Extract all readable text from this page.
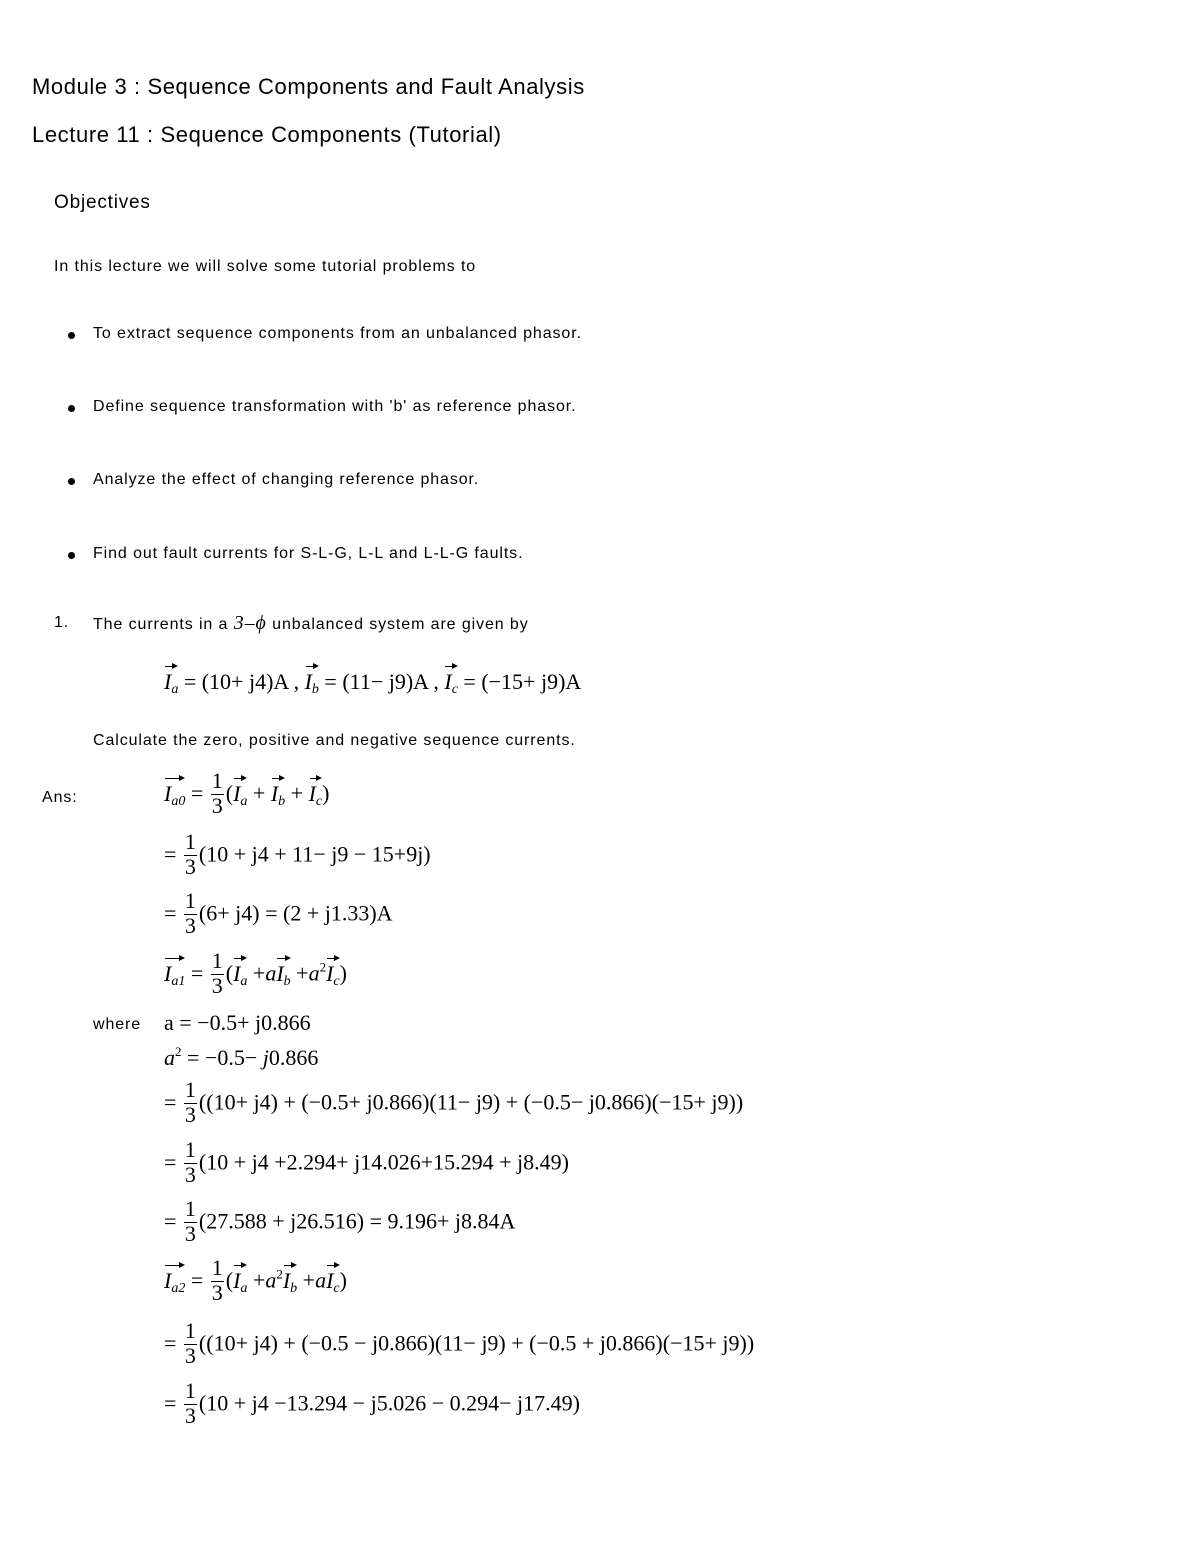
Module 3 : Sequence Components and Fault Analysis
Lecture 11 : Sequence Components (Tutorial)
Objectives
In this lecture we will solve some tutorial problems to
To extract sequence components from an unbalanced phasor.
Define sequence transformation with 'b' as reference phasor.
Analyze the effect of changing reference phasor.
Find out fault currents for S-L-G, L-L and L-L-G faults.
1. The currents in a 3–ϕ unbalanced system are given by
$I_a = (10+ j4)A$ , $I_b = (11- j9)A$ , $I_c = (-15+ j9)A$
Calculate the zero, positive and negative sequence currents.
Ans:	$I_{a0} = \frac{1}{3}$ (
$I_a$ +
$I_b$ +
$I_c$)
= $\frac{1}{3} (10 + j4 + 11- j9 - 15+9j)$
= $\frac{1}{3} (6+ j4) = (2 + j1.33)A$
$I_{a1} = \frac{1}{3}$ (
$I_a +a$
$I_b +a^2$
$I_c$)
where a = −0.5+ j0.866
$a^2 = -0.5- j0.866$
= $\frac{1}{3} ((10+ j4) + (-0.5+ j0.866)(11- j9) + (-0.5- j0.866)(-15+ j9))$
= $\frac{1}{3} (10 + j4 +2.294+ j14.026+15.294 + j8.49)$
= $\frac{1}{3} (27.588 + j26.516) = 9.196+ j8.84A$
$I_{a2} = \frac{1}{3}$ (
$I_a +a^2$
$I_b +a$
$I_c$)
= $\frac{1}{3} ((10+ j4) + (-0.5 - j0.866)(11- j9) + (-0.5 + j0.866)(-15+ j9))$
= $\frac{1}{3} (10 + j4 -13.294 - j5.026 - 0.294- j17.49)$
